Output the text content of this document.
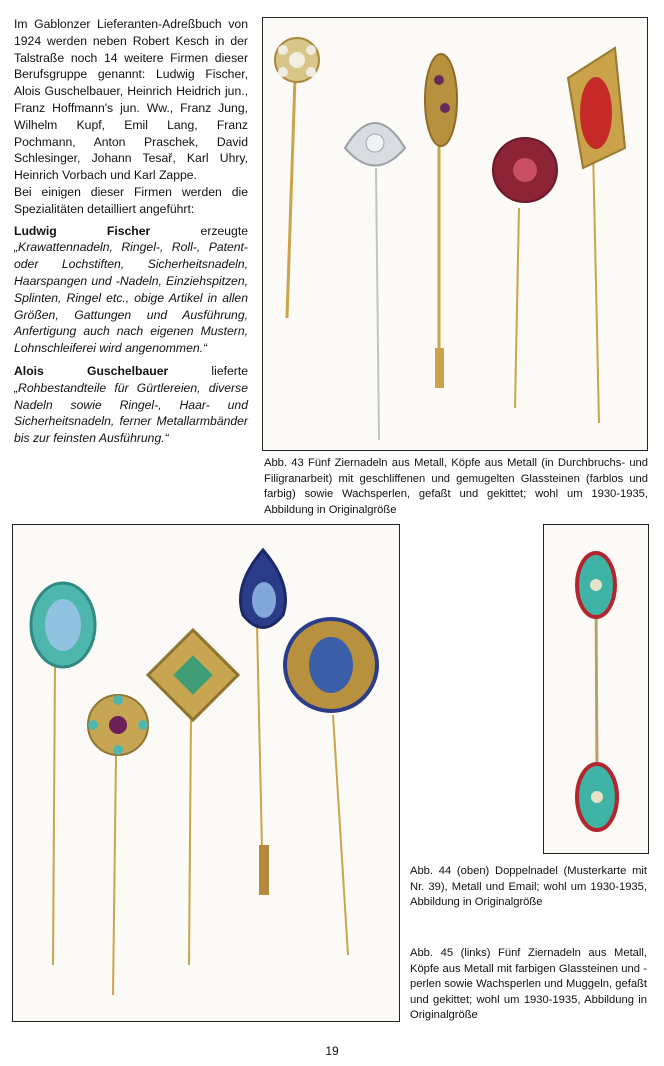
Im Gablonzer Lieferanten-Adreßbuch von 1924 werden neben Robert Kesch in der Talstraße noch 14 weitere Firmen dieser Berufsgruppe genannt: Ludwig Fischer, Alois Guschelbauer, Heinrich Heidrich jun., Franz Hoffmann's jun. Ww., Franz Jung, Wilhelm Kupf, Emil Lang, Franz Pochmann, Anton Praschek, David Schlesinger, Johann Tesař, Karl Uhry, Heinrich Vorbach und Karl Zappe.

Bei einigen dieser Firmen werden die Spezialitäten detailliert angeführt:

Ludwig Fischer erzeugte „Krawattennadeln, Ringel-, Roll-, Patent- oder Lochstiften, Sicherheitsnadeln, Haarspangen und -Nadeln, Einziehspitzen, Splinten, Ringel etc., obige Artikel in allen Größen, Gattungen und Ausführung, Anfertigung auch nach eigenen Mustern, Lohnschleiferei wird angenommen.“

Alois Guschelbauer lieferte „Rohbestandteile für Gürtlereien, diverse Nadeln sowie Ringel-, Haar- und Sicherheitsnadeln, ferner Metallarmbänder bis zur feinsten Ausführung.“

Abb. 43 Fünf Ziernadeln aus Metall, Köpfe aus Metall (in Durchbruchs- und Filigranarbeit) mit geschliffenen und gemugelten Glassteinen (farblos und farbig) sowie Wachsperlen, gefaßt und gekittet; wohl um 1930-1935, Abbildung in Originalgröße
Abb. 44 (oben) Doppelnadel (Musterkarte mit Nr. 39), Metall und Email; wohl um 1930-1935, Abbildung in Originalgröße
Abb. 45 (links) Fünf Ziernadeln aus Metall, Köpfe aus Metall mit farbigen Glassteinen und -perlen sowie Wachsperlen und Muggeln, gefaßt und gekittet; wohl um 1930-1935, Abbildung in Originalgröße
19
